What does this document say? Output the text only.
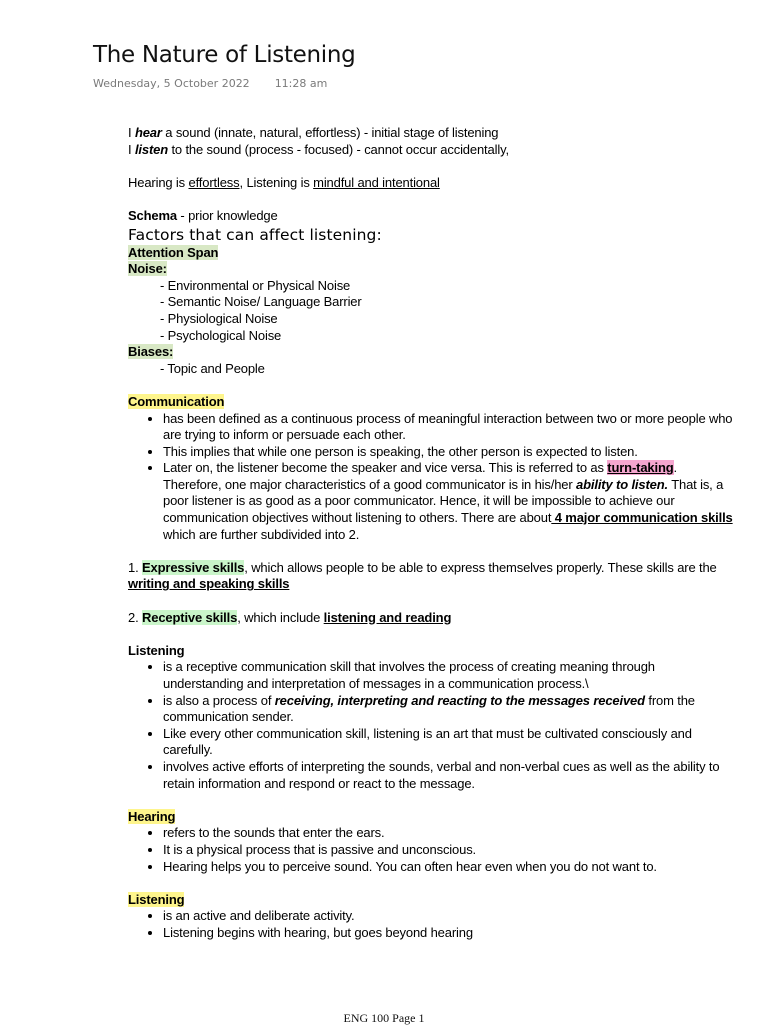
The Nature of Listening
Wednesday, 5 October 2022 11:28 am

I hear a sound (innate, natural, effortless) - initial stage of listening

I listen to the sound (process - focused) - cannot occur accidentally,

Hearing is effortless, Listening is mindful and intentional

Schema - prior knowledge

Factors that can affect listening:

Attention Span

Noise:

- Environmental or Physical Noise

- Semantic Noise/ Language Barrier

- Physiological Noise

- Psychological Noise

Biases:

- Topic and People

Communication

• has been defined as a continuous process of meaningful interaction between two or more people who are trying to inform or persuade each other.
• This implies that while one person is speaking, the other person is expected to listen.
• Later on, the listener become the speaker and vice versa. This is referred to as turn-taking. Therefore, one major characteristics of a good communicator is in his/her ability to listen. That is, a poor listener is as good as a poor communicator. Hence, it will be impossible to achieve our communication objectives without listening to others. There are about 4 major communication skills which are further subdivided into 2.

1. Expressive skills, which allows people to be able to express themselves properly. These skills are the writing and speaking skills

2. Receptive skills, which include listening and reading

Listening

• is a receptive communication skill that involves the process of creating meaning through understanding and interpretation of messages in a communication process.\
• is also a process of receiving, interpreting and reacting to the messages received from the communication sender.
• Like every other communication skill, listening is an art that must be cultivated consciously and carefully.
• involves active efforts of interpreting the sounds, verbal and non-verbal cues as well as the ability to retain information and respond or react to the message.

Hearing

• refers to the sounds that enter the ears.
• It is a physical process that is passive and unconscious.
• Hearing helps you to perceive sound. You can often hear even when you do not want to.

Listening

• is an active and deliberate activity.
• Listening begins with hearing, but goes beyond hearing
ENG 100 Page 1
